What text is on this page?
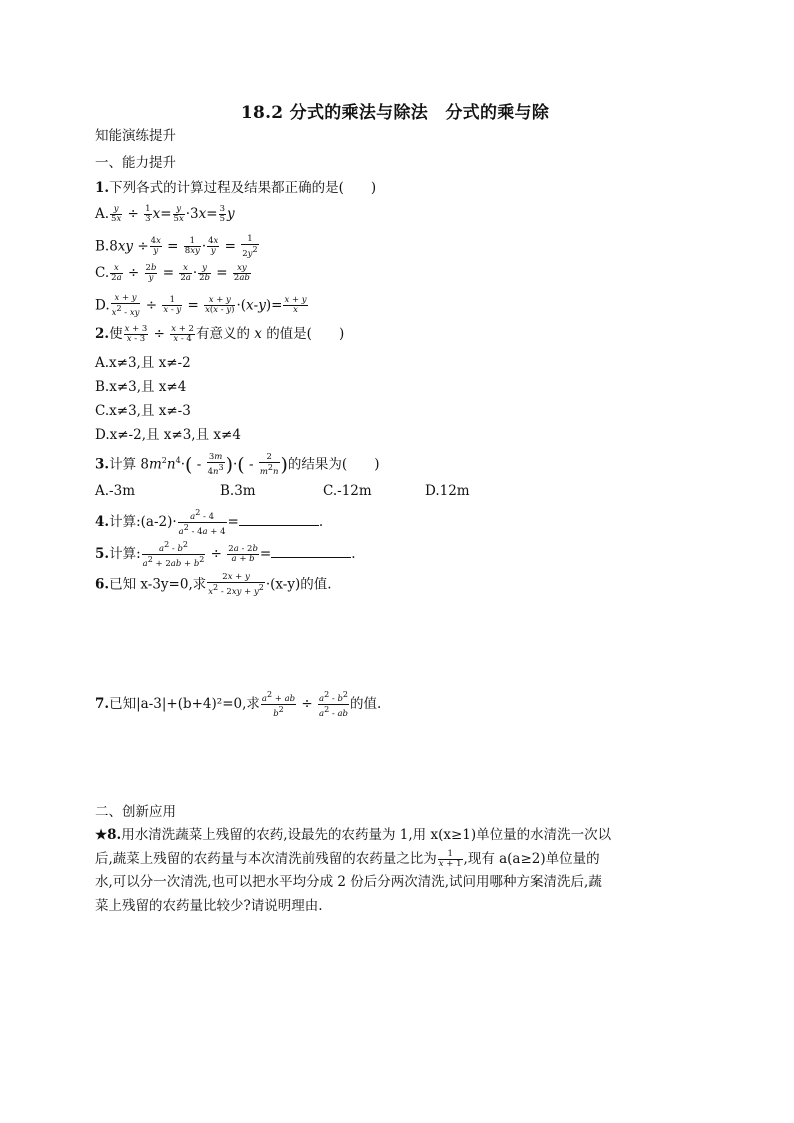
18.2 分式的乘法与除法　分式的乘与除
知能演练提升
一、能力提升
1.下列各式的计算过程及结果都正确的是(　　)
A. $\frac{y}{5x} \div \frac{1}{3} x= \frac{y}{5x} \cdot 3x= \frac{3}{5}$ y
$B.8xy \div \frac{4x}{y} = \frac{1}{8xy} \cdot \frac{4x}{y} = \frac{1}{2y^2}$
C. $\frac{x}{2a} \div \frac{2b}{y} = \frac{x}{2a} \cdot \frac{y}{2b} = \frac{xy}{2ab}$
D. $\frac{x + y}{x^2 - xy} \div \frac{1}{x - y} = \frac{x + y}{x(x - y)} \cdot(x-y)= \frac{x + y}{x}$
2.使 $\frac{x + 3}{x - 3} \div \frac{x + 2}{x - 4}$ 有意义的 x 的值是(　　)
A.x≠3,且 x≠-2
B.x≠3,且 x≠4
C.x≠3,且 x≠-3
D.x≠-2,且 x≠3,且 x≠4
3.计算 $8m^2n^4\cdot( - \frac{3m}{4n^3}$ )·( - $\frac{2}{m^2n}$ )的结果为(　　)
A.-3m	B.3m	C.-12m	D.12m
4.计算:(a-2)· $\frac{a^2 - 4}{a^2 - 4a + 4}$ =	.
5.计算: $\frac{a^2 - b^2}{a^2 + 2ab + b^2} \div \frac{2a - 2b}{a + b}$ =	.
6.已知 x-3y=0,求 $\frac{2x + y}{x^2 - 2xy + y^2} \cdot(x-y)$的值.
7.已知|a-3|+(b+4)²=0,求 $\frac{a^2 + ab}{b^2} \div \frac{a^2 - b^2}{a^2 - ab}$ 的值.
二、创新应用
★8.用水清洗蔬菜上残留的农药,设最先的农药量为 1,用 x(x≥1)单位量的水清洗一次以
后,蔬菜上残留的农药量与本次清洗前残留的农药量之比为 $\frac{1}{x + 1}$ ,现有 a(a≥2)单位量的
水,可以分一次清洗,也可以把水平均分成 2 份后分两次清洗,试问用哪种方案清洗后,蔬
菜上残留的农药量比较少?请说明理由.
